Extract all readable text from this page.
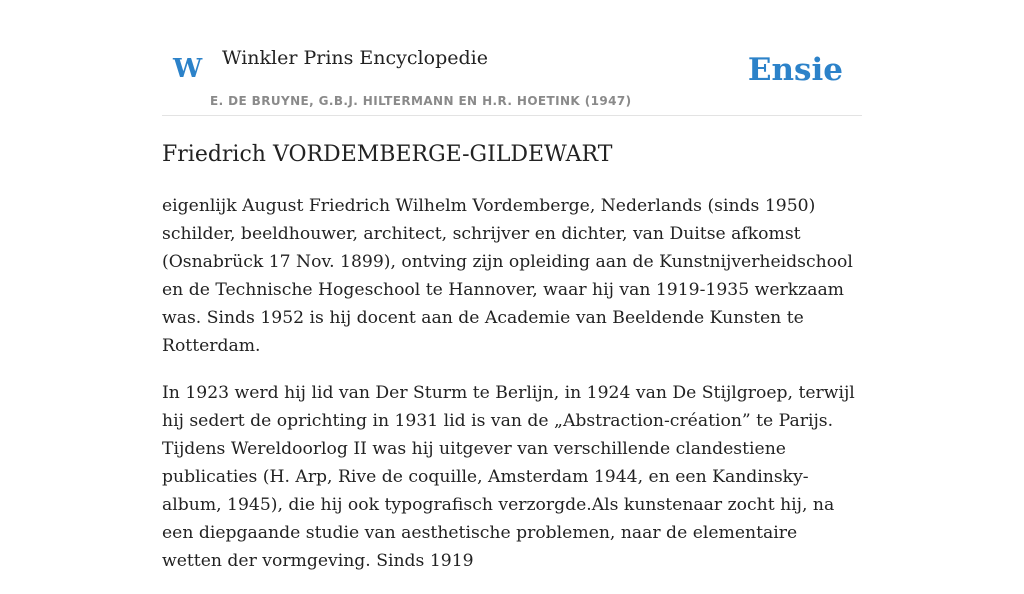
W Winkler Prins Encyclopedie
E. DE BRUYNE, G.B.J. HILTERMANN EN H.R. HOETINK (1947)
Ensie
Friedrich VORDEMBERGE-GILDEWART

eigenlijk August Friedrich Wilhelm Vordemberge, Nederlands (sinds 1950) schilder, beeldhouwer, architect, schrijver en dichter, van Duitse afkomst (Osnabrück 17 Nov. 1899), ontving zijn opleiding aan de Kunstnijverheidschool en de Technische Hogeschool te Hannover, waar hij van 1919-1935 werkzaam was. Sinds 1952 is hij docent aan de Academie van Beeldende Kunsten te Rotterdam.

In 1923 werd hij lid van Der Sturm te Berlijn, in 1924 van De Stijlgroep, terwijl hij sedert de oprichting in 1931 lid is van de „Abstraction-création” te Parijs. Tijdens Wereldoorlog II was hij uitgever van verschillende clandestiene publicaties (H. Arp, Rive de coquille, Amsterdam 1944, en een Kandinsky-album, 1945), die hij ook typografisch verzorgde.Als kunstenaar zocht hij, na een diepgaande studie van aesthetische problemen, naar de elementaire wetten der vormgeving. Sinds 1919
